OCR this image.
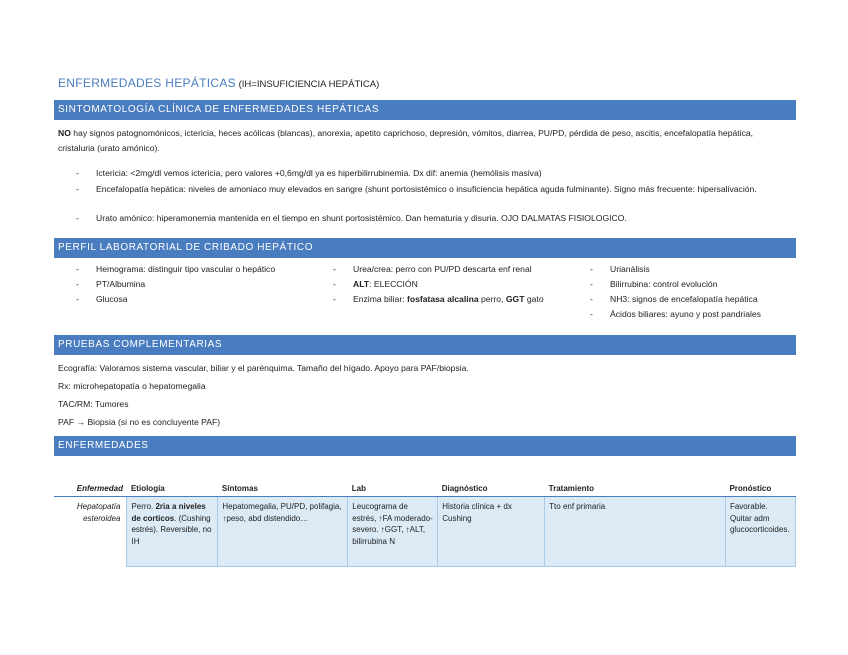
ENFERMEDADES HEPÁTICAS (IH=INSUFICIENCIA HEPÁTICA)
SINTOMATOLOGÍA CLÍNICA DE ENFERMEDADES HEPÁTICAS
NO hay signos patognomónicos, ictericia, heces acólicas (blancas), anorexia, apetito caprichoso, depresión, vómitos, diarrea, PU/PD, pérdida de peso, ascitis, encefalopatía hepática, cristaluria (urato amónico).
- Ictericia: <2mg/dl vemos ictericia, pero valores +0,6mg/dl ya es hiperbilirrubinemia. Dx dif: anemia (hemólisis masiva)
- Encefalopatía hepática: niveles de amoniaco muy elevados en sangre (shunt portosistémico o insuficiencia hepática aguda fulminante). Signo más frecuente: hipersalivación.
- Urato amónico: hiperamonemia mantenida en el tiempo en shunt portosistémico. Dan hematuria y disuria. OJO DALMATAS FISIOLOGICO.
PERFIL LABORATORIAL DE CRIBADO HEPÁTICO
- Hemograma: distinguir tipo vascular o hepático
- PT/Albumina
- Glucosa
- Urea/crea: perro con PU/PD descarta enf renal
- ALT: ELECCIÓN
- Enzima biliar: fosfatasa alcalina perro, GGT gato
- Urianálisis
- Bilirrubina: control evolución
- NH3: signos de encefalopatía hepática
- Ácidos biliares: ayuno y post pandriales
PRUEBAS COMPLEMENTARIAS
Ecografía: Valoramos sistema vascular, biliar y el parénquima. Tamaño del hígado. Apoyo para PAF/biopsia.
Rx: microhepatopatía o hepatomegalia
TAC/RM: Tumores
PAF → Biopsia (si no es concluyente PAF)
ENFERMEDADES
Enfermedad	Etiología	Síntomas	Lab	Diagnóstico	Tratamiento	Pronóstico
Hepatopatía esteroidea	Perro. 2ria a niveles de corticos. (Cushing estrés). Reversible, no IH	Hepatomegalia, PU/PD, polifagia, ↑peso, abd distendido…	Leucograma de estrés, ↑FA moderado-severo. ↑GGT, ↑ALT, bilirrubina N	Historia clínica + dx Cushing	Tto enf primaria	Favorable. Quitar adm glucocorticoides.
